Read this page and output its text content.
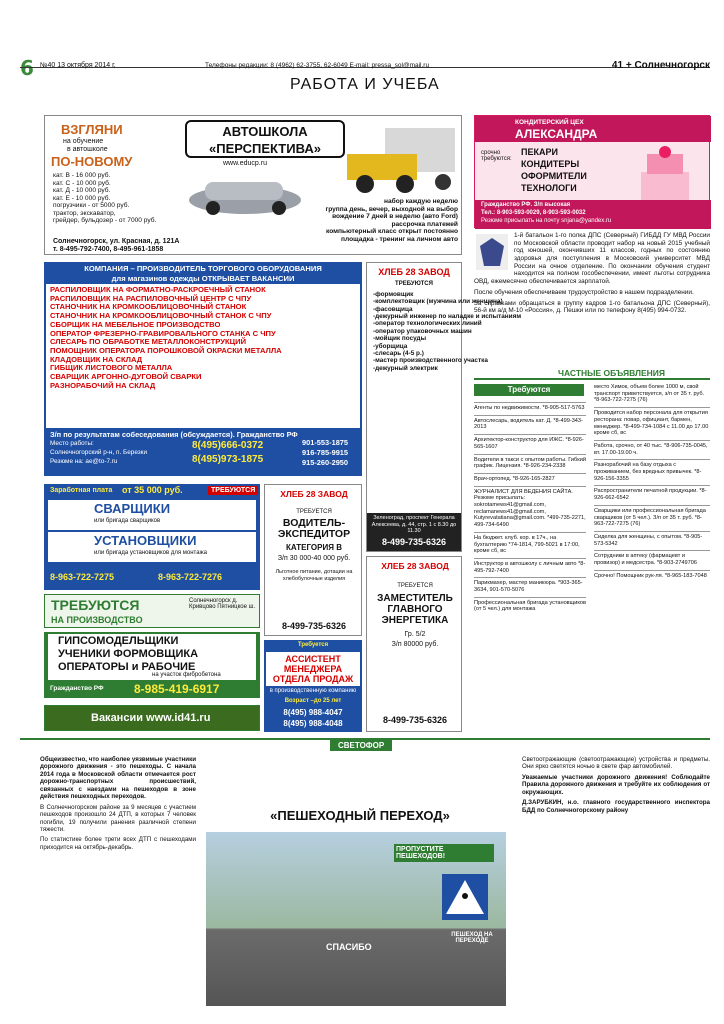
6 №40 13 октября 2014 г.	Телефоны редакции: 8 (4962) 62-3755, 62-6049 E-mail: pressa_sol@mail.ru	41 + Солнечногорск
РАБОТА И УЧЕБА
ВЗГЛЯНИ
на обучение
в автошколе
ПО-НОВОМУ
АВТОШКОЛА «ПЕРСПЕКТИВА»
www.educp.ru
кат. В - 16 000 руб.
кат. С - 10 000 руб.
кат. Д - 10 000 руб.
кат. Е - 10 000 руб.
погрузчики - от 5000 руб.
трактор, экскаватор,
грейдер, бульдозер - от 7000 руб.
набор каждую неделю
группа день, вечер, выходной на выбор
вождение 7 дней в неделю (авто Ford)
рассрочка платежей
компьютерный класс открыт постоянно
площадка - тренинг на личном авто
Солнечногорск, ул. Красная, д. 121А
т. 8-495-792-7400, 8-495-961-1858
КОНДИТЕРСКИЙ ЦЕХ
АЛЕКСАНДРА
срочно требуются:
ПЕКАРИ КОНДИТЕРЫ ОФОРМИТЕЛИ ТЕХНОЛОГИ
Гражданство РФ. З/п высокая
Тел.: 8-903-593-0029, 8-903-593-0032
Резюме присылать на почту snjana@yandex.ru

1-й батальон 1-го полка ДПС (Северный) ГИБДД ГУ МВД России по Московской области проводит набор на новый 2015 учебный год юношей, окончивших 11 классов, годных по состоянию здоровья для поступления в Московский университет МВД России на очное отделение. По окончании обучения студент находится на полном гособеспечении, имеет льготы сотрудника ОВД, ежемесячно обеспечивается зарплатой.

После обучения обеспечиваем трудоустройство в нашем подразделении.

За справками обращаться в группу кадров 1-го батальона ДПС (Северный), 56-й км а/д М-10 «Россия», д. Пешки или по телефону 8(495) 994-0732.

КОМПАНИЯ – ПРОИЗВОДИТЕЛЬ ТОРГОВОГО ОБОРУДОВАНИЯ
для магазинов одежды ОТКРЫВАЕТ ВАКАНСИИ
РАСПИЛОВЩИК НА ФОРМАТНО-РАСКРОЕЧНЫЙ СТАНОК
РАСПИЛОВЩИК НА РАСПИЛОВОЧНЫЙ ЦЕНТР С ЧПУ
СТАНОЧНИК НА КРОМКООБЛИЦОВОЧНЫЙ СТАНОК
СТАНОЧНИК НА КРОМКООБЛИЦОВОЧНЫЙ СТАНОК С ЧПУ
СБОРЩИК НА МЕБЕЛЬНОЕ ПРОИЗВОДСТВО
ОПЕРАТОР ФРЕЗЕРНО-ГРАВИРОВАЛЬНОГО СТАНКА С ЧПУ
СЛЕСАРЬ ПО ОБРАБОТКЕ МЕТАЛЛОКОНСТРУКЦИЙ
ПОМОЩНИК ОПЕРАТОРА ПОРОШКОВОЙ ОКРАСКИ МЕТАЛЛА
КЛАДОВЩИК НА СКЛАД
ГИБЩИК ЛИСТОВОГО МЕТАЛЛА
СВАРЩИК АРГОННО-ДУГОВОЙ СВАРКИ
РАЗНОРАБОЧИЙ НА СКЛАД
З/п по результатам собеседования (обсуждается). Гражданство РФ
Место работы:
Солнечногорский р-н, п. Березки
Резюме на: ae@to-7.ru
8(495)666-0372
8(495)973-1875
901-553-1875
916-785-9915
915-260-2950
ХЛЕБ 28 ЗАВОД
ТРЕБУЮТСЯ
-формовщик
-комплектовщик (мужчина или женщина)
-фасовщица
-дежурный инженер по наладке и испытаниям
-оператор технологических линий
-оператор упаковочных машин
-мойщик посуды
-уборщица
-слесарь (4-5 р.)
-мастер производственного участка
-дежурный электрик
Зеленоград, проспект Генерала Алексеева, д. 44, стр. 1 с 8.30 до 11.30
8-499-735-6326
ЧАСТНЫЕ ОБЪЯВЛЕНИЯ
Требуются

Агенты по недвижимости. *8-905-517-5763

Автослесарь, водитель кат. Д. *8-499-343-2013

Архитектор-конструктор для ИЖС. *8-926-565-1607

Водители в такси с опытом работы. Гибкий график. Лицензия. *8-926-234-2338

Врач-ортопед. *8-926-165-2827

ЖУРНАЛИСТ ДЛЯ ВЕДЕНИЯ САЙТА. Резюме присылать: sokrotamews41@gmail.com, reclamanews41@gmail.com, Kutyrevatatiana@gmail.com. *499-735-2271, 499-734-6490

На бюджет. клуб. кор. в 17ч., на бухгалтерию *74-1814, 799-5021 в 17:00, кроме сб, вс

Инструктор в автошколу с личным авто *8-495-792-7400

Парикмахер, мастер маникюра. *903-365-3634, 901-570-5076

Профессиональная бригада установщиков (от 5 чел.) для монтажа

место Химок, объем более 1000 м, свой транспорт приветствуется, з/п от 35 т. руб. *8-963-722-7275 (76)

Проводится набор персонала для открытия ресторана: повар, официант, бармен, менеджер. *8-499-734-1084 с 11.00 до 17.00 кроме сб, вс

Работа, срочно, от 40 тыс. *8-906-735-0045, вт. 17.00-19.00 ч.

Разнорабочий на базу отдыха с проживанием, без вредных привычек. *8-926-156-3355

Распространители печатной продукции. *8-926-662-6542

Сварщики или профессиональная бригада сварщиков (от 5 чел.). З/п от 35 т. руб. *8-963-722-7275 (76)

Сиделка для женщины, с опытом. *8-905-573-5342

Сотрудники в аптеку (фармацевт и провизор) и медсестра. *8-903-2749706

Срочно! Помощник рук-ля. *8-965-183-7048

Заработная плата от 35 000 руб.	ТРЕБУЮТСЯ
СВАРЩИКИ
или бригада сварщиков
УСТАНОВЩИКИ
или бригада установщиков для монтажа
8-963-722-7275	8-963-722-7276
ТРЕБУЮТСЯ
НА ПРОИЗВОДСТВО
Солнечногорск д. Кривцово Пятницкое ш.
ГИПСОМОДЕЛЬЩИКИ
УЧЕНИКИ ФОРМОВЩИКА
ОПЕРАТОРЫ и РАБОЧИЕ
на участок фибробетона
Гражданство РФ	8-985-419-6917
Вакансии www.id41.ru
ХЛЕБ 28 ЗАВОД
ТРЕБУЕТСЯ
ВОДИТЕЛЬ-ЭКСПЕДИТОР
КАТЕГОРИЯ В
З/п 30 000-40 000 руб.
Льготное питание, дотации на хлебобулочные изделия
8-499-735-6326
Требуется
АССИСТЕНТ МЕНЕДЖЕРА ОТДЕЛА ПРОДАЖ
в производственную компанию
Возраст –до 25 лет
8(495) 988-4047
8(495) 988-4048
ХЛЕБ 28 ЗАВОД
ТРЕБУЕТСЯ
ЗАМЕСТИТЕЛЬ ГЛАВНОГО ЭНЕРГЕТИКА
Гр. 5/2
З/п 80000 руб.
8-499-735-6326
СВЕТОФОР

Общеизвестно, что наиболее уязвимые участники дорожного движения - это пешеходы. С начала 2014 года в Московской области отмечается рост дорожно-транспортных происшествий, связанных с наездами на пешеходов в зоне действия пешеходных переходов.

В Солнечногорском районе за 9 месяцев с участием пешеходов произошло 24 ДТП, в которых 7 человек погибли, 19 получили ранения различной степени тяжести.

По статистике более трети всех ДТП с пешеходами приходится на октябрь-декабрь.

«ПЕШЕХОДНЫЙ ПЕРЕХОД»
ПРОПУСТИТЕ ПЕШЕХОДОВ!
СПАСИБО
ПЕШЕХОД НА ПЕРЕХОДЕ

Светоотражающие (светоотражающие) устройства и предметы. Они ярко светятся ночью в свете фар автомобилей.

Уважаемые участники дорожного движения! Соблюдайте Правила дорожного движения и требуйте их соблюдения от окружающих.

Д.ЗАРУБКИН, н.о. главного государственного инспектора БДД по Солнечногорскому району
